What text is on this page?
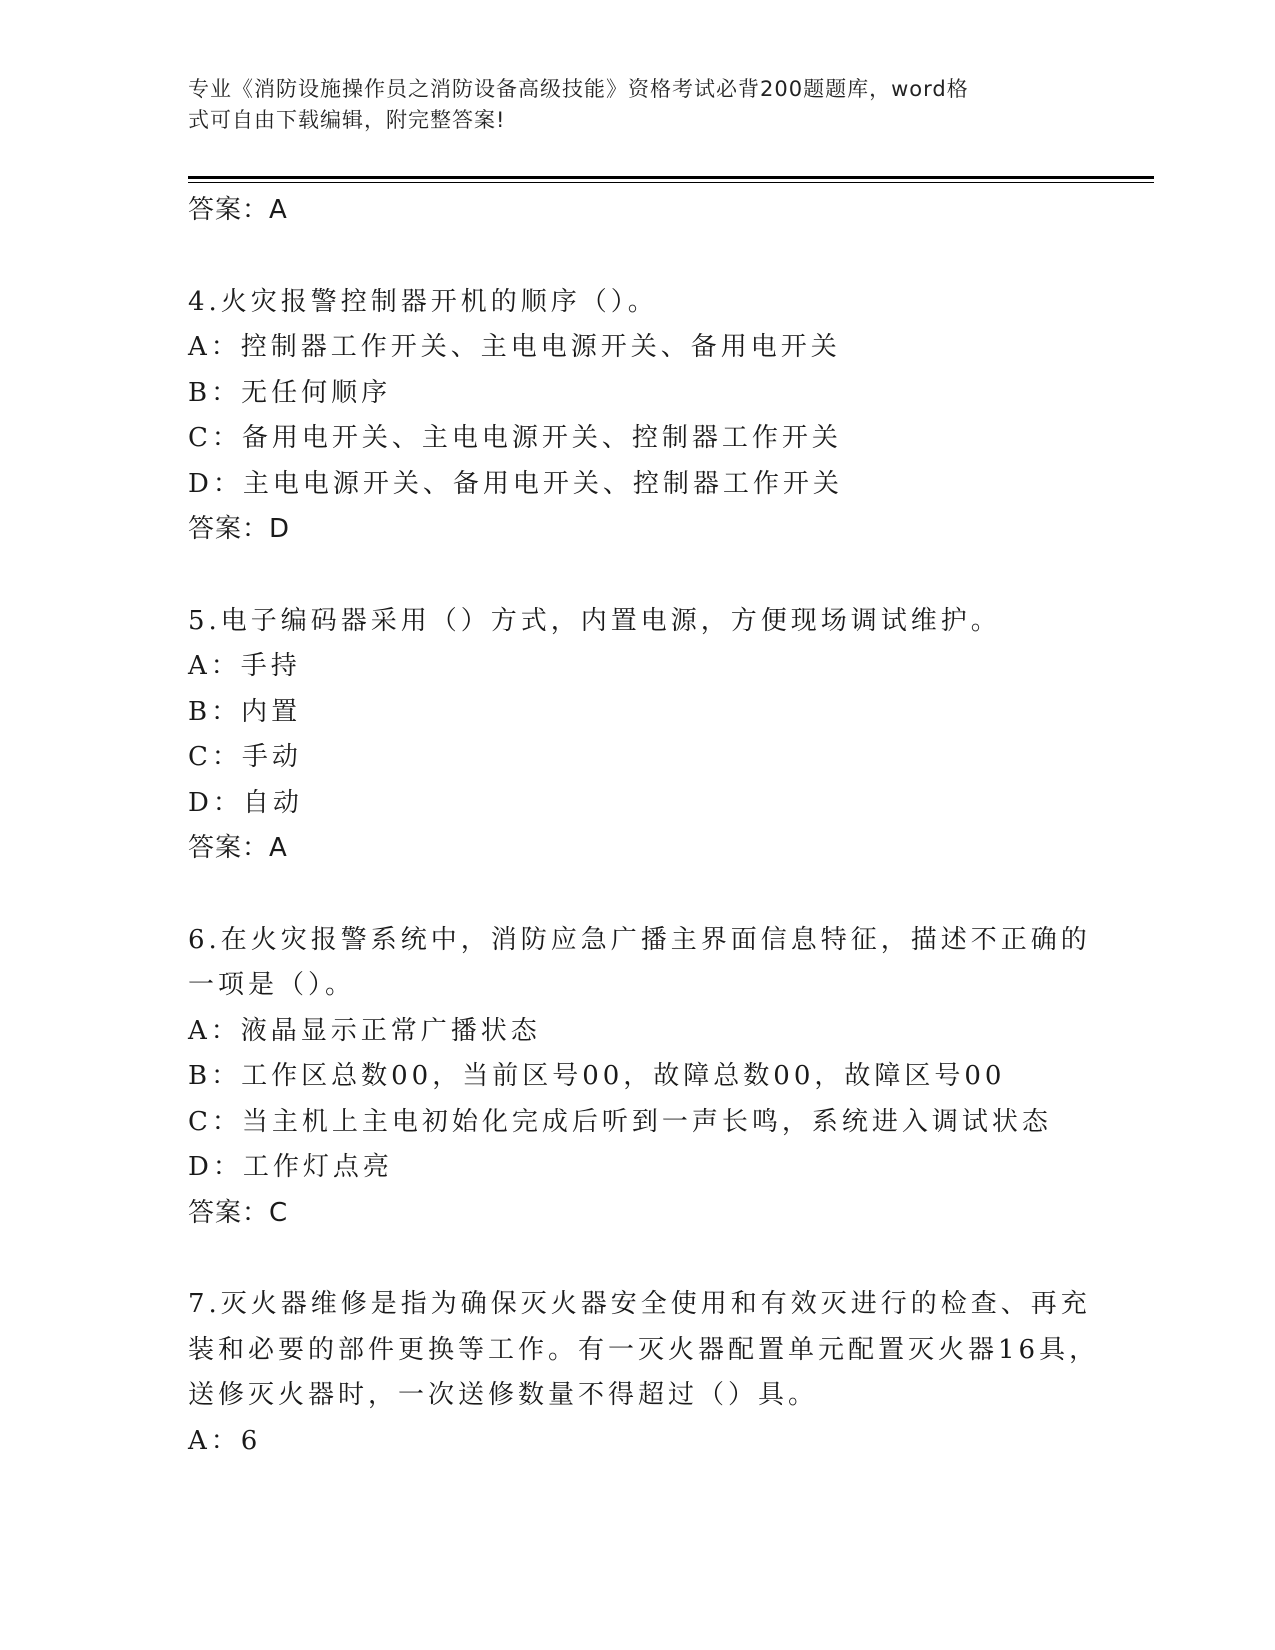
专业《消防设施操作员之消防设备高级技能》资格考试必背200题题库，word格
式可自由下载编辑，附完整答案!
答案：A
4.火灾报警控制器开机的顺序（）。
A：控制器工作开关、主电电源开关、备用电开关
B：无任何顺序
C：备用电开关、主电电源开关、控制器工作开关
D：主电电源开关、备用电开关、控制器工作开关
答案：D
5.电子编码器采用（）方式，内置电源，方便现场调试维护。
A：手持
B：内置
C：手动
D：自动
答案：A
6.在火灾报警系统中，消防应急广播主界面信息特征，描述不正确的
一项是（）。
A：液晶显示正常广播状态
B：工作区总数00，当前区号00，故障总数00，故障区号00
C：当主机上主电初始化完成后听到一声长鸣，系统进入调试状态
D：工作灯点亮
答案：C
7.灭火器维修是指为确保灭火器安全使用和有效灭进行的检查、再充
装和必要的部件更换等工作。有一灭火器配置单元配置灭火器16具，
送修灭火器时，一次送修数量不得超过（）具。
A：6
